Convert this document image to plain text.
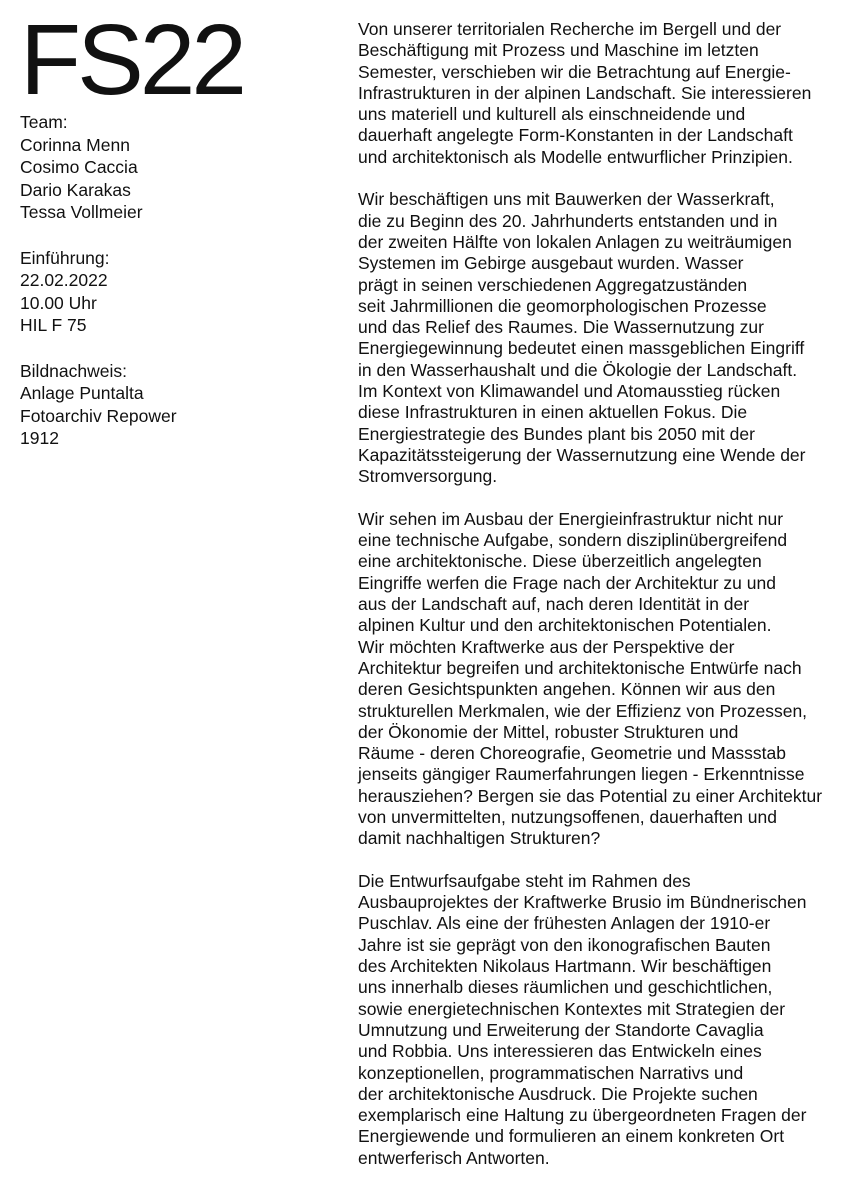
FS22
Team:
Corinna Menn
Cosimo Caccia
Dario Karakas
Tessa Vollmeier
Einführung:
22.02.2022
10.00 Uhr
HIL F 75
Bildnachweis:
Anlage Puntalta
Fotoarchiv Repower
1912

Von unserer territorialen Recherche im Bergell und der
Beschäftigung mit Prozess und Maschine im letzten
Semester, verschieben wir die Betrachtung auf Energie-
Infrastrukturen in der alpinen Landschaft. Sie interessieren
uns materiell und kulturell als einschneidende und
dauerhaft angelegte Form-Konstanten in der Landschaft
und architektonisch als Modelle entwurflicher Prinzipien.

Wir beschäftigen uns mit Bauwerken der Wasserkraft,
die zu Beginn des 20. Jahrhunderts entstanden und in
der zweiten Hälfte von lokalen Anlagen zu weiträumigen
Systemen im Gebirge ausgebaut wurden. Wasser
prägt in seinen verschiedenen Aggregatzuständen
seit Jahrmillionen die geomorphologischen Prozesse
und das Relief des Raumes. Die Wassernutzung zur
Energiegewinnung bedeutet einen massgeblichen Eingriff
in den Wasserhaushalt und die Ökologie der Landschaft.
Im Kontext von Klimawandel und Atomausstieg rücken
diese Infrastrukturen in einen aktuellen Fokus. Die
Energiestrategie des Bundes plant bis 2050 mit der
Kapazitätssteigerung der Wassernutzung eine Wende der
Stromversorgung.

Wir sehen im Ausbau der Energieinfrastruktur nicht nur
eine technische Aufgabe, sondern disziplinübergreifend
eine architektonische. Diese überzeitlich angelegten
Eingriffe werfen die Frage nach der Architektur zu und
aus der Landschaft auf, nach deren Identität in der
alpinen Kultur und den architektonischen Potentialen.
Wir möchten Kraftwerke aus der Perspektive der
Architektur begreifen und architektonische Entwürfe nach
deren Gesichtspunkten angehen. Können wir aus den
strukturellen Merkmalen, wie der Effizienz von Prozessen,
der Ökonomie der Mittel, robuster Strukturen und
Räume - deren Choreografie, Geometrie und Massstab
jenseits gängiger Raumerfahrungen liegen - Erkenntnisse
herausziehen? Bergen sie das Potential zu einer Architektur
von unvermittelten, nutzungsoffenen, dauerhaften und
damit nachhaltigen Strukturen?

Die Entwurfsaufgabe steht im Rahmen des
Ausbauprojektes der Kraftwerke Brusio im Bündnerischen
Puschlav. Als eine der frühesten Anlagen der 1910-er
Jahre ist sie geprägt von den ikonografischen Bauten
des Architekten Nikolaus Hartmann. Wir beschäftigen
uns innerhalb dieses räumlichen und geschichtlichen,
sowie energietechnischen Kontextes mit Strategien der
Umnutzung und Erweiterung der Standorte Cavaglia
und Robbia. Uns interessieren das Entwickeln eines
konzeptionellen, programmatischen Narrativs und
der architektonische Ausdruck. Die Projekte suchen
exemplarisch eine Haltung zu übergeordneten Fragen der
Energiewende und formulieren an einem konkreten Ort
entwerferisch Antworten.
